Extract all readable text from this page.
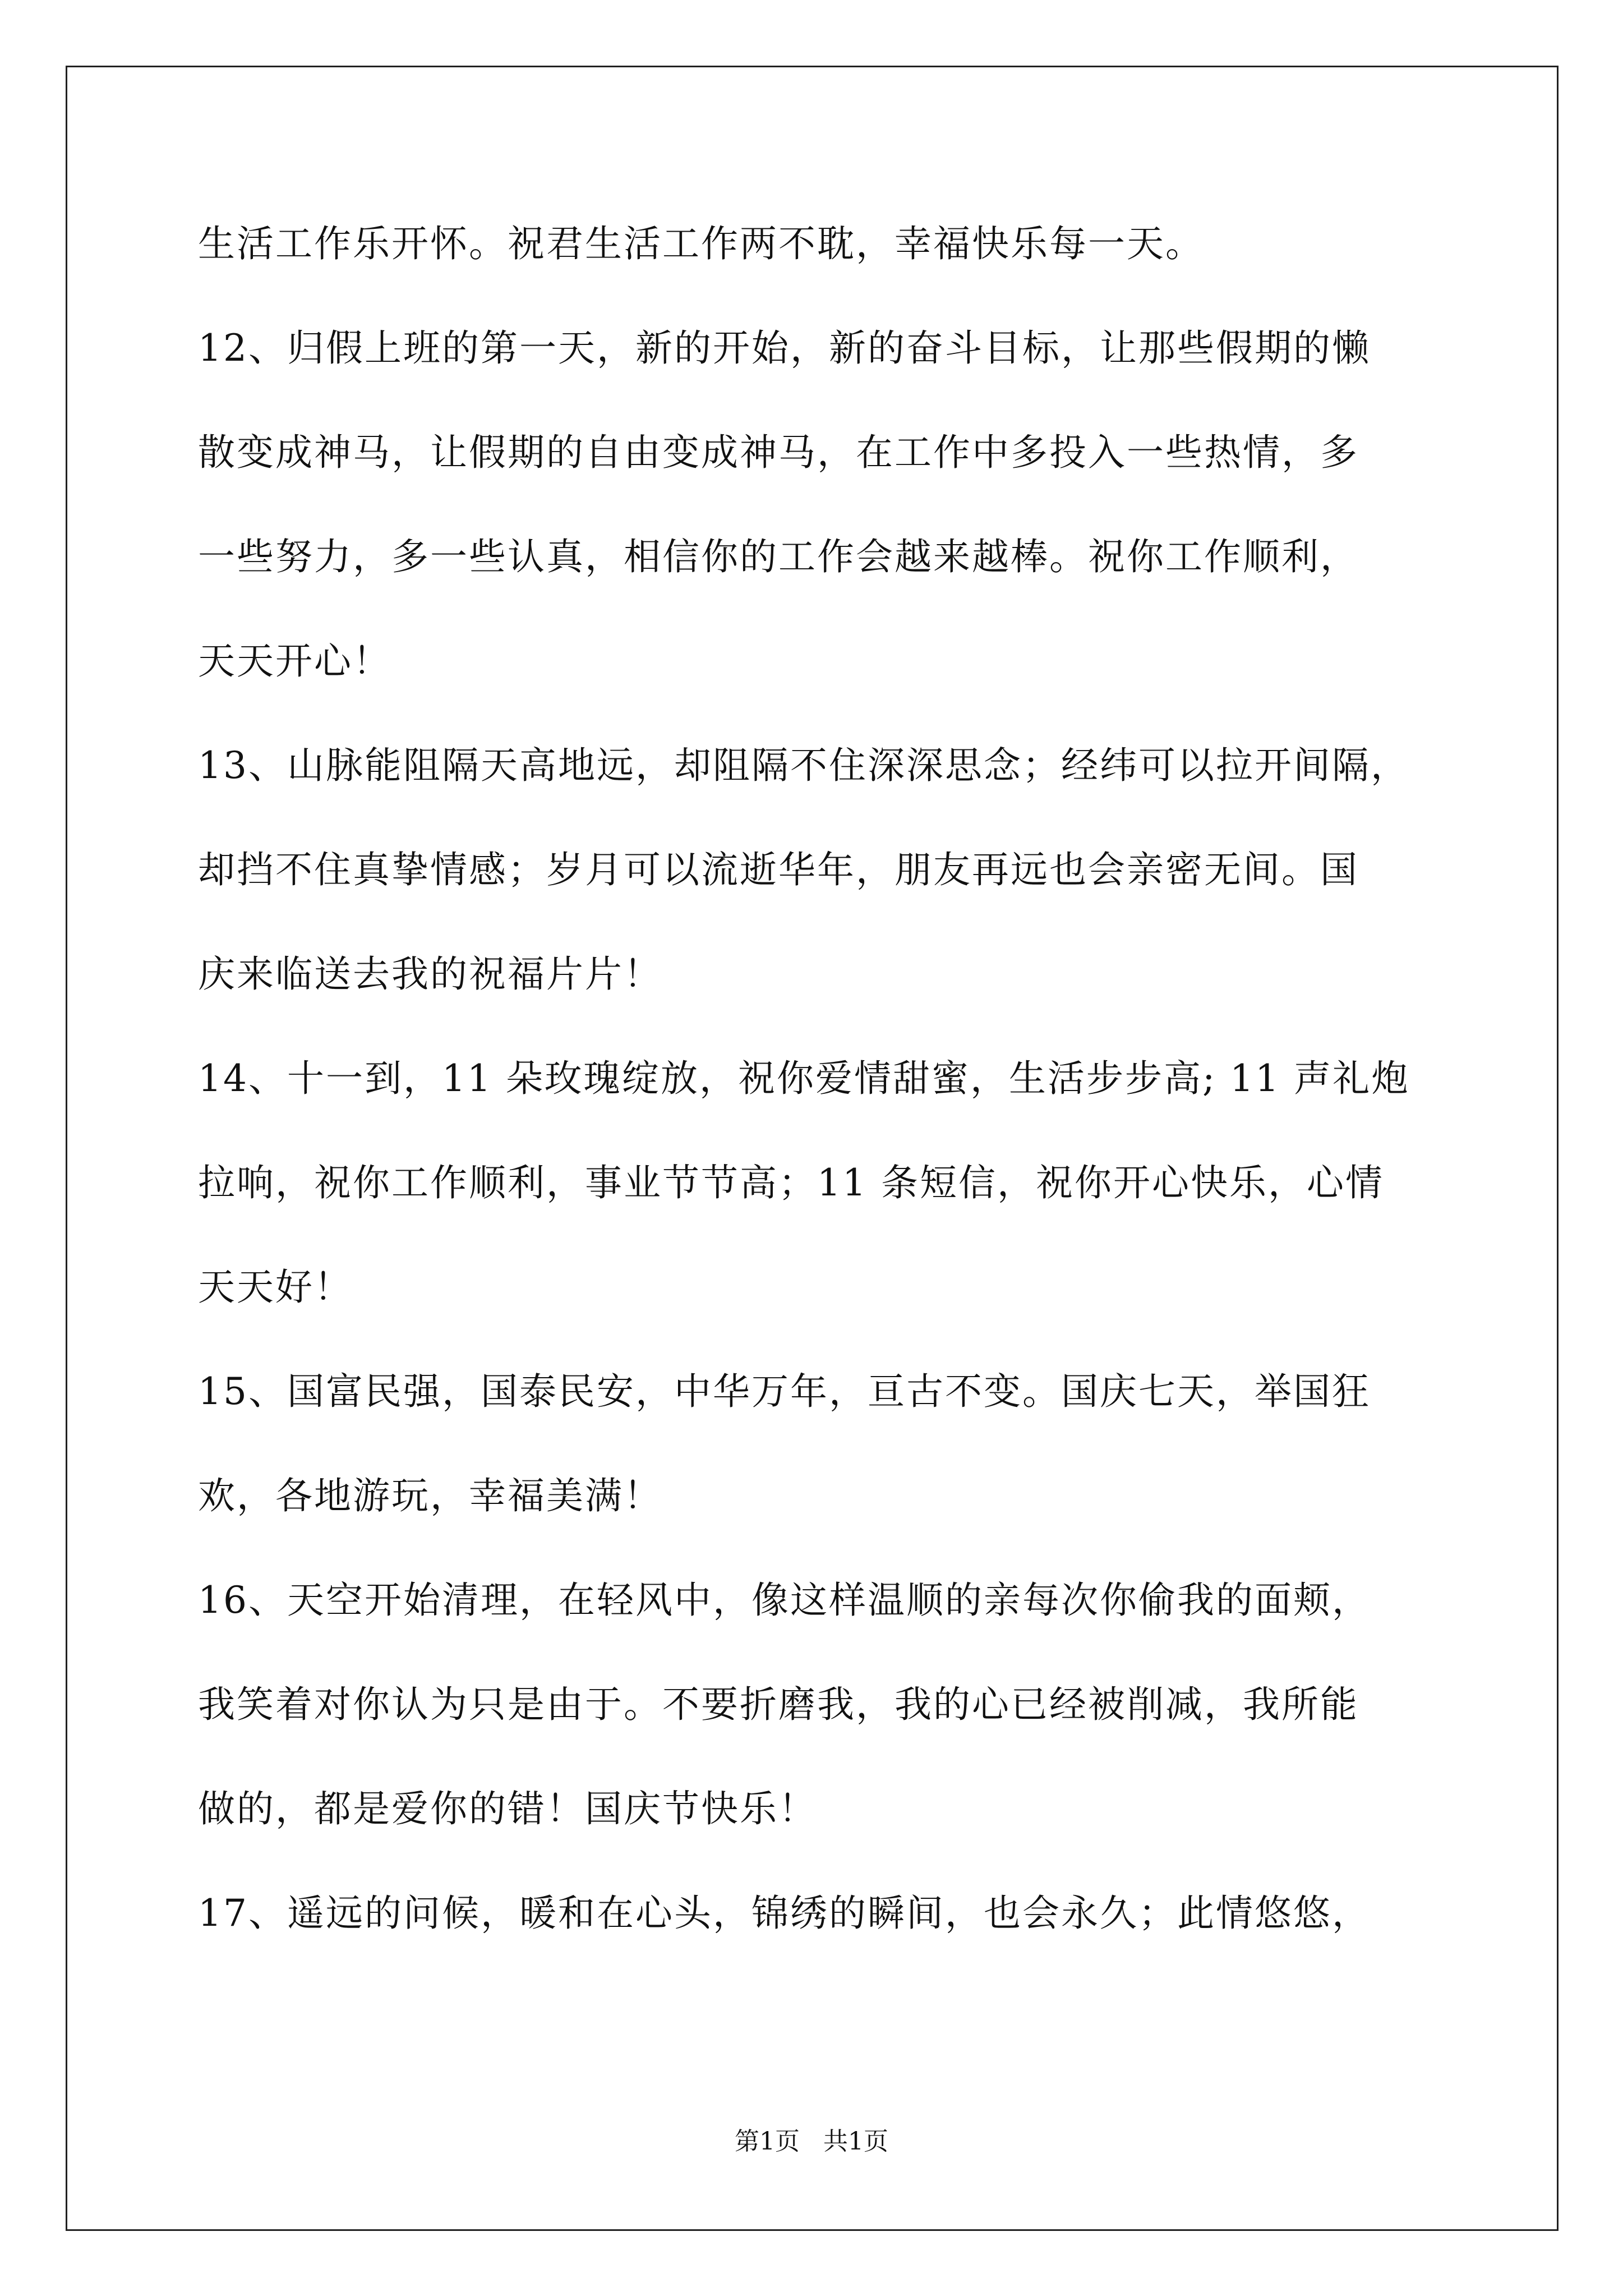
生活工作乐开怀。祝君生活工作两不耽，幸福快乐每一天。
12、归假上班的第一天，新的开始，新的奋斗目标，让那些假期的懒
散变成神马，让假期的自由变成神马，在工作中多投入一些热情，多
一些努力，多一些认真，相信你的工作会越来越棒。祝你工作顺利，
天天开心！
13、山脉能阻隔天高地远，却阻隔不住深深思念；经纬可以拉开间隔，
却挡不住真挚情感；岁月可以流逝华年，朋友再远也会亲密无间。国
庆来临送去我的祝福片片！
14、十一到，11 朵玫瑰绽放，祝你爱情甜蜜，生活步步高; 11 声礼炮
拉响，祝你工作顺利，事业节节高；11 条短信，祝你开心快乐，心情
天天好！
15、国富民强，国泰民安，中华万年，亘古不变。国庆七天，举国狂
欢，各地游玩，幸福美满！
16、天空开始清理，在轻风中，像这样温顺的亲每次你偷我的面颊，
我笑着对你认为只是由于。不要折磨我，我的心已经被削减，我所能
做的，都是爱你的错！国庆节快乐！
17、遥远的问候，暖和在心头，锦绣的瞬间，也会永久；此情悠悠，
第1页   共1页
